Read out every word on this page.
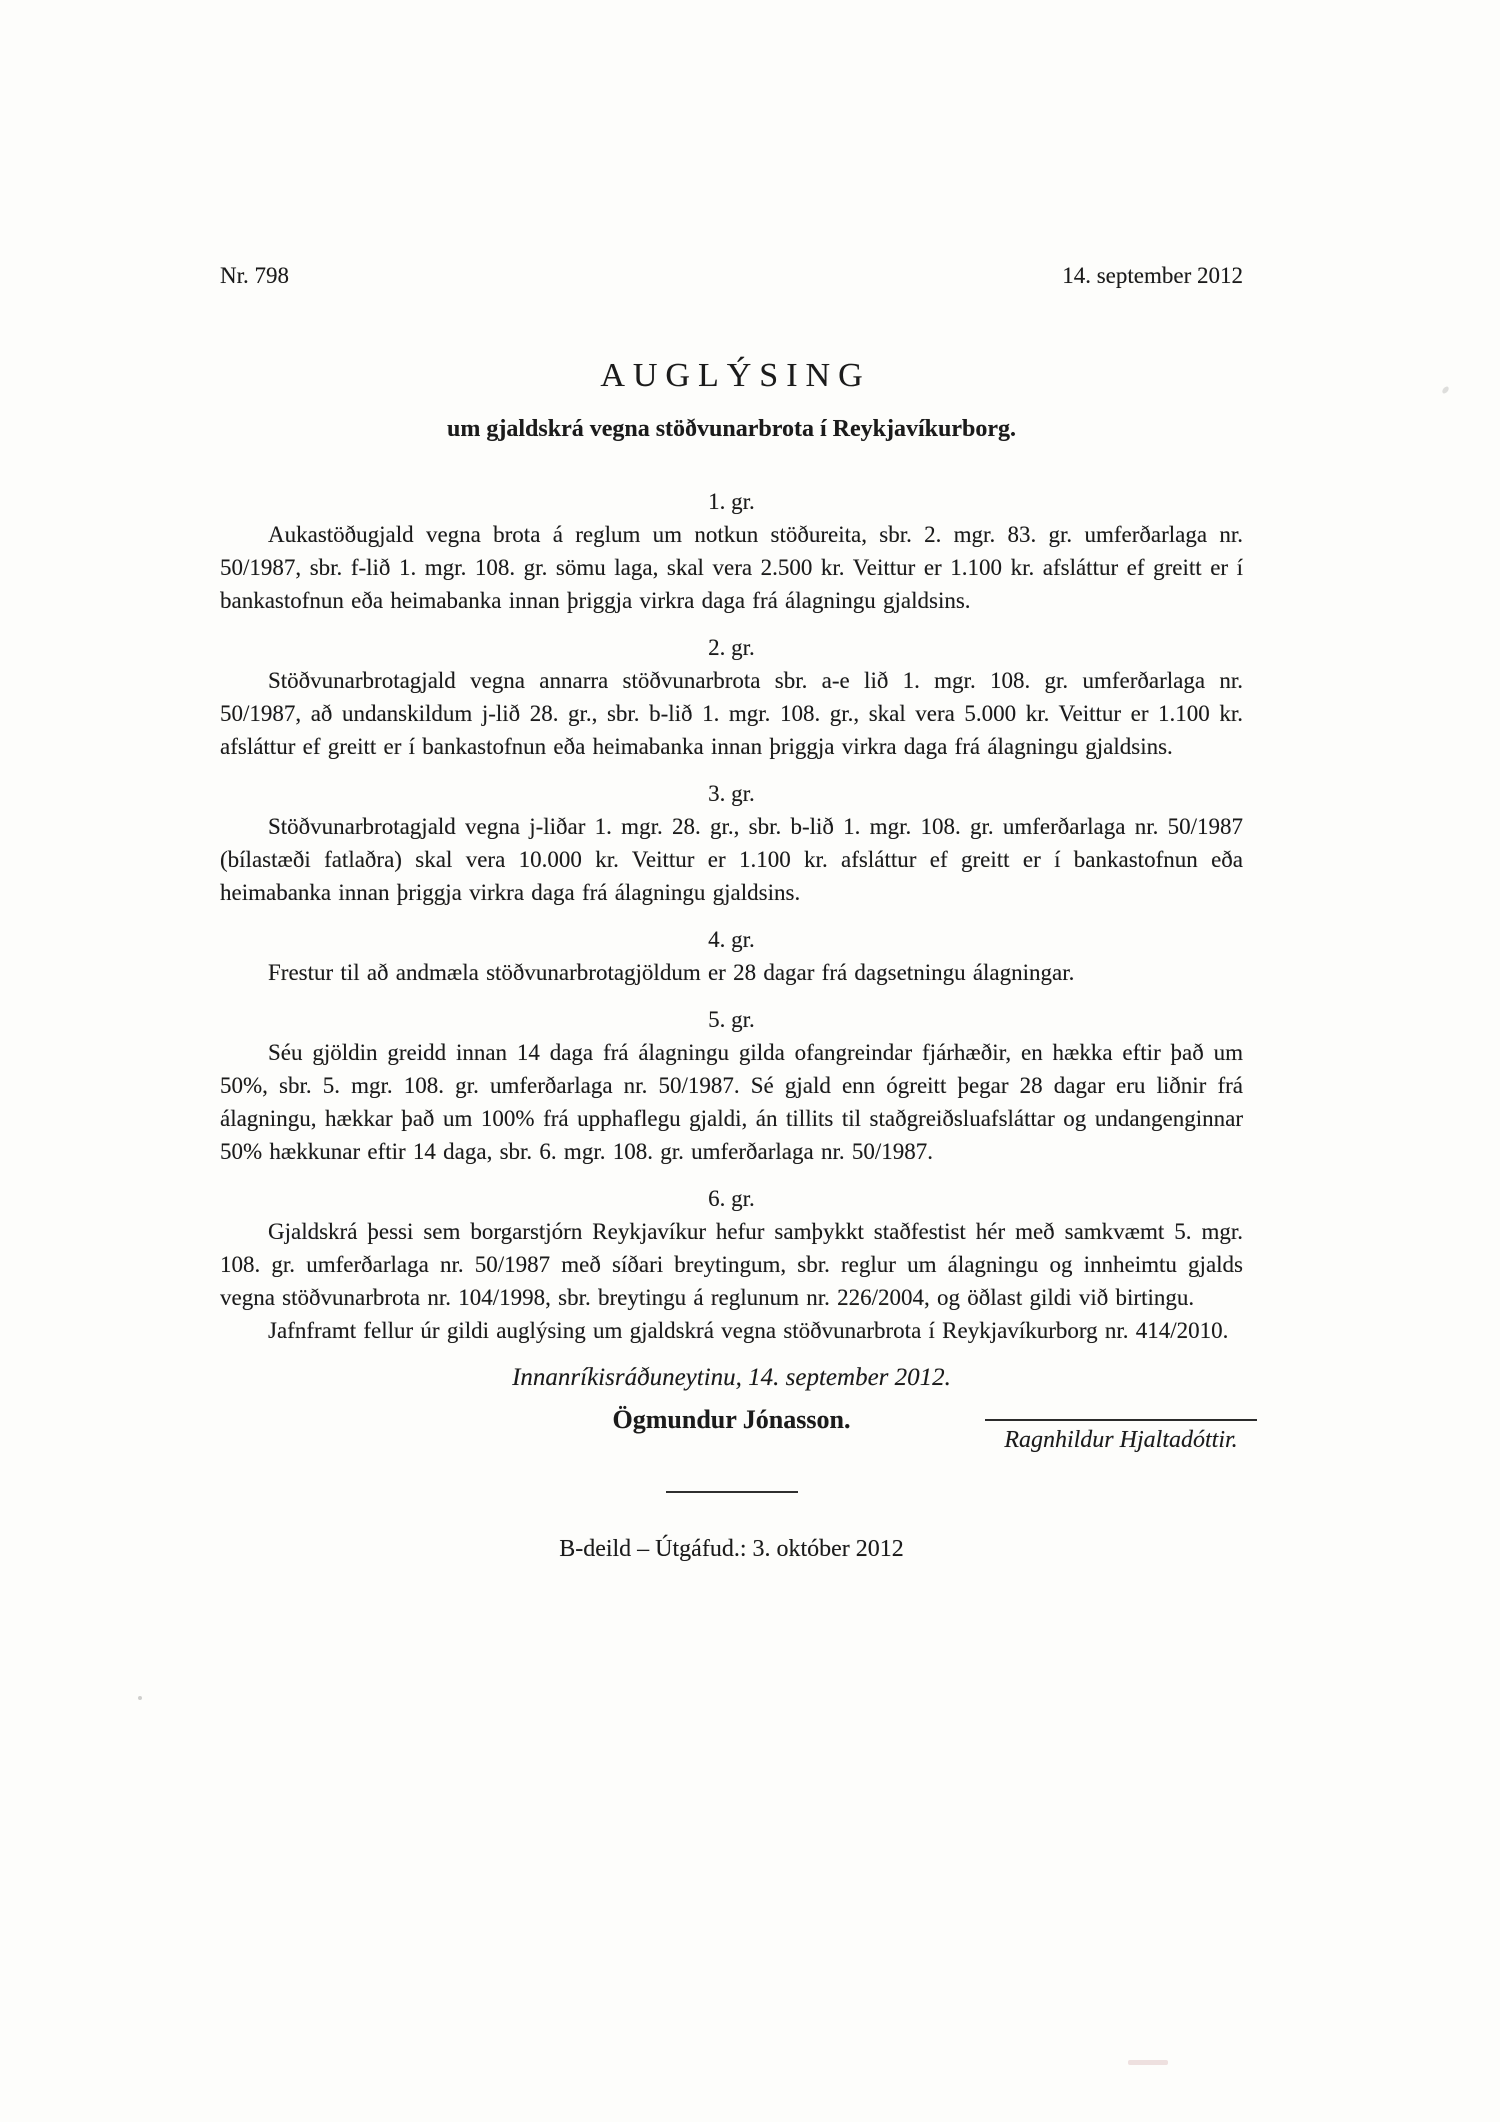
Nr. 798	14. september 2012
AUGLÝSING
um gjaldskrá vegna stöðvunarbrota í Reykjavíkurborg.
1. gr.

Aukastöðugjald vegna brota á reglum um notkun stöðureita, sbr. 2. mgr. 83. gr. umferðarlaga nr. 50/1987, sbr. f-lið 1. mgr. 108. gr. sömu laga, skal vera 2.500 kr. Veittur er 1.100 kr. afsláttur ef greitt er í bankastofnun eða heimabanka innan þriggja virkra daga frá álagningu gjaldsins.

2. gr.

Stöðvunarbrotagjald vegna annarra stöðvunarbrota sbr. a-e lið 1. mgr. 108. gr. umferðarlaga nr. 50/1987, að undanskildum j-lið 28. gr., sbr. b-lið 1. mgr. 108. gr., skal vera 5.000 kr. Veittur er 1.100 kr. afsláttur ef greitt er í bankastofnun eða heimabanka innan þriggja virkra daga frá álagningu gjaldsins.

3. gr.

Stöðvunarbrotagjald vegna j-liðar 1. mgr. 28. gr., sbr. b-lið 1. mgr. 108. gr. umferðarlaga nr. 50/1987 (bílastæði fatlaðra) skal vera 10.000 kr. Veittur er 1.100 kr. afsláttur ef greitt er í bankastofnun eða heimabanka innan þriggja virkra daga frá álagningu gjaldsins.

4. gr.

Frestur til að andmæla stöðvunarbrotagjöldum er 28 dagar frá dagsetningu álagningar.

5. gr.

Séu gjöldin greidd innan 14 daga frá álagningu gilda ofangreindar fjárhæðir, en hækka eftir það um 50%, sbr. 5. mgr. 108. gr. umferðarlaga nr. 50/1987. Sé gjald enn ógreitt þegar 28 dagar eru liðnir frá álagningu, hækkar það um 100% frá upphaflegu gjaldi, án tillits til staðgreiðsluafsláttar og undangenginnar 50% hækkunar eftir 14 daga, sbr. 6. mgr. 108. gr. umferðarlaga nr. 50/1987.

6. gr.

Gjaldskrá þessi sem borgarstjórn Reykjavíkur hefur samþykkt staðfestist hér með samkvæmt 5. mgr. 108. gr. umferðarlaga nr. 50/1987 með síðari breytingum, sbr. reglur um álagningu og innheimtu gjalds vegna stöðvunarbrota nr. 104/1998, sbr. breytingu á reglunum nr. 226/2004, og öðlast gildi við birtingu.

Jafnframt fellur úr gildi auglýsing um gjaldskrá vegna stöðvunarbrota í Reykjavíkurborg nr. 414/2010.

Innanríkisráðuneytinu, 14. september 2012.
Ögmundur Jónasson.
Ragnhildur Hjaltadóttir.
B-deild – Útgáfud.: 3. október 2012
